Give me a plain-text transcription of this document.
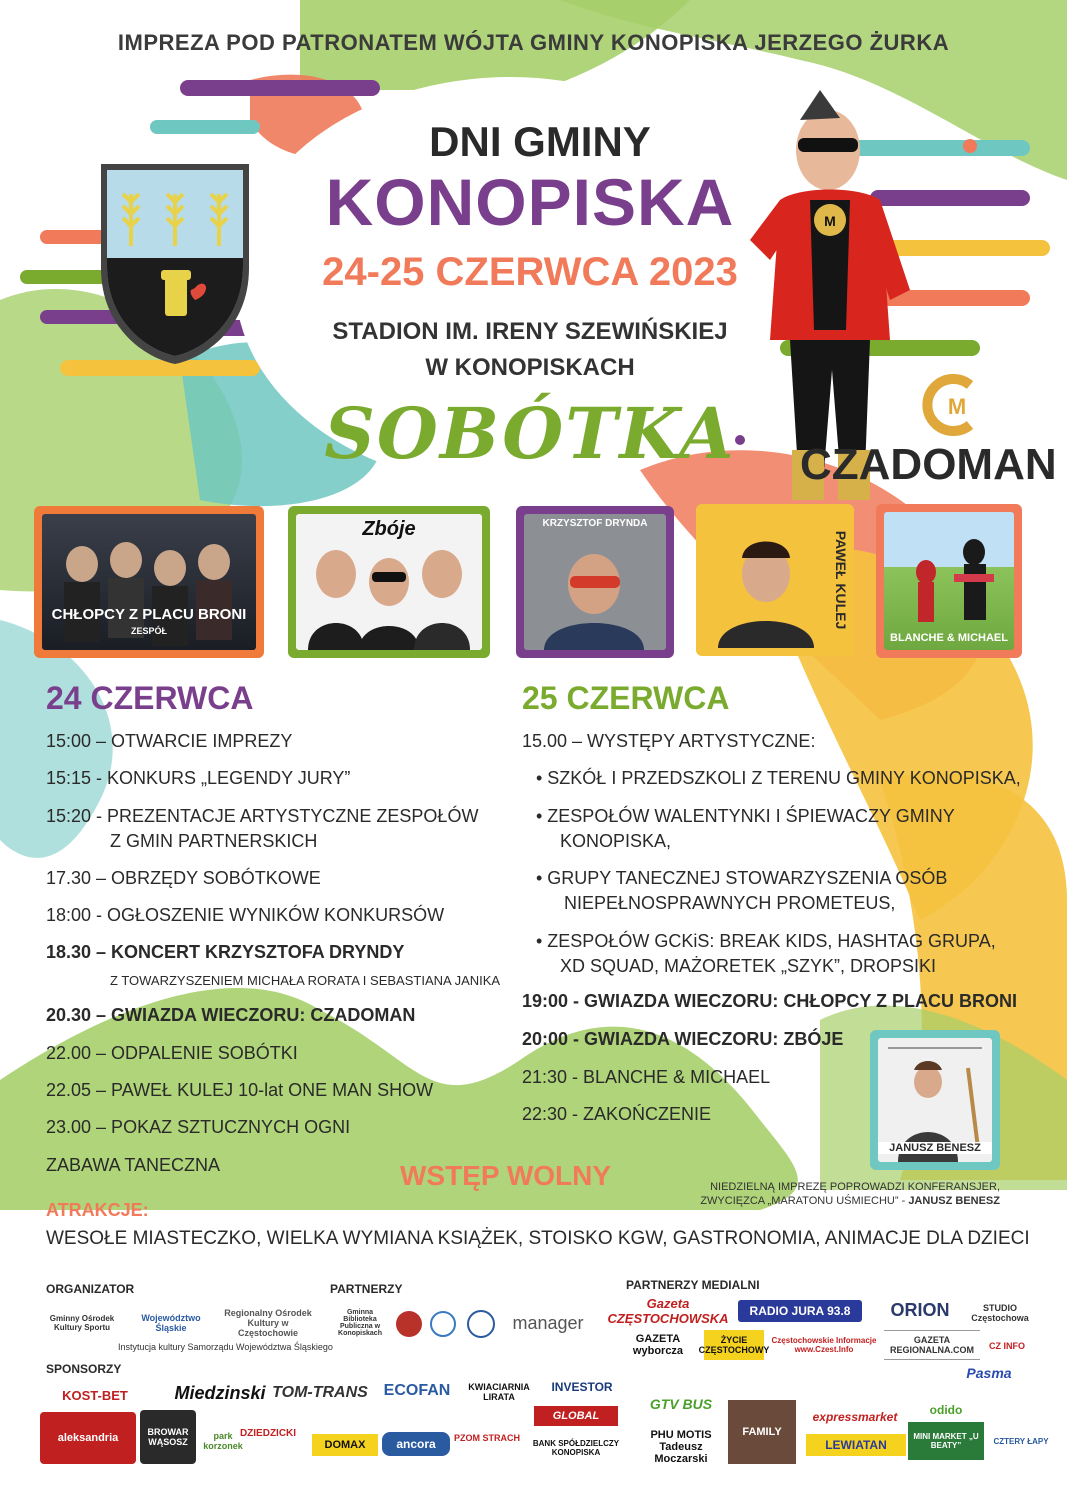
IMPREZA POD PATRONATEM WÓJTA GMINY KONOPISKA JERZEGO ŻURKA
DNI GMINY
KONOPISKA
24-25 CZERWCA 2023
STADION IM. IRENY SZEWIŃSKIEJ
W KONOPISKACH
SOBÓTKA
M
M
CZADOMAN
CHŁOPCY Z PLACU BRONI
ZESPÓŁ
Zbóje	KRZYSZTOF DRYNDA
PAWEŁ KULEJ
BLANCHE & MICHAEL
24 CZERWCA
15:00 – OTWARCIE IMPREZY
15:15 - KONKURS „LEGENDY JURY”
15:20 - PREZENTACJE ARTYSTYCZNE ZESPOŁÓW
Z GMIN PARTNERSKICH
17.30 – OBRZĘDY SOBÓTKOWE
18:00 - OGŁOSZENIE WYNIKÓW KONKURSÓW
18.30 – KONCERT KRZYSZTOFA DRYNDY
Z TOWARZYSZENIEM MICHAŁA RORATA I SEBASTIANA JANIKA
20.30 – GWIAZDA WIECZORU: CZADOMAN
22.00 – ODPALENIE SOBÓTKI
22.05 – PAWEŁ KULEJ 10-lat ONE MAN SHOW
23.00 – POKAZ SZTUCZNYCH OGNI
ZABAWA TANECZNA
25 CZERWCA
15.00 – WYSTĘPY ARTYSTYCZNE:
• SZKÓŁ I PRZEDSZKOLI Z TERENU GMINY KONOPISKA,
• ZESPOŁÓW WALENTYNKI I ŚPIEWACZY GMINY
KONOPISKA,
• GRUPY TANECZNEJ STOWARZYSZENIA OSÓB
NIEPEŁNOSPRAWNYCH PROMETEUS,
• ZESPOŁÓW GCKiS: BREAK KIDS, HASHTAG GRUPA,
XD SQUAD, MAŻORETEK „SZYK”, DROPSIKI
19:00 - GWIAZDA WIECZORU: CHŁOPCY Z PLACU BRONI
20:00 - GWIAZDA WIECZORU: ZBÓJE
21:30 - BLANCHE & MICHAEL
22:30 - ZAKOŃCZENIE
JANUSZ BENESZ
NIEDZIELNĄ IMPREZĘ POPROWADZI KONFERANSJER,
ZWYCIĘZCA „MARATONU UŚMIECHU” - JANUSZ BENESZ
WSTĘP WOLNY
ATRAKCJE:
WESOŁE MIASTECZKO, WIELKA WYMIANA KSIĄŻEK, STOISKO KGW, GASTRONOMIA, ANIMACJE DLA DZIECI
ORGANIZATOR	PARTNERZY	PARTNERZY MEDIALNI
SPONSORZY
Gminny Ośrodek Kultury Sportu
Województwo Śląskie
Regionalny Ośrodek Kultury w Częstochowie
Instytucja kultury Samorządu Województwa Śląskiego
Gminna Biblioteka Publiczna w Konopiskach
manager
Gazeta CZĘSTOCHOWSKA	RADIO JURA 93.8	ORION	STUDIO Częstochowa
GAZETA wyborcza
ŻYCIE CZĘSTOCHOWY
Częstochowskie Informacje www.Czest.Info
GAZETA REGIONALNA.COM	CZ INFO
Pasma
KOST-BET	Miedzinski TOM-TRANS ECOFAN	KWIACIARNIA LIRATA
INVESTOR
GTV BUS
aleksandria	BROWAR WĄSOSZ
park korzonek
DZIEDZICKI
DOMAX	ancora	PZOM STRACH
GLOBAL
BANK SPÓŁDZIELCZY KONOPISKA
PHU MOTIS
Tadeusz Moczarski
FAMILY
expressmarket
LEWIATAN
odido
MINI MARKET „U BEATY”	CZTERY ŁAPY
